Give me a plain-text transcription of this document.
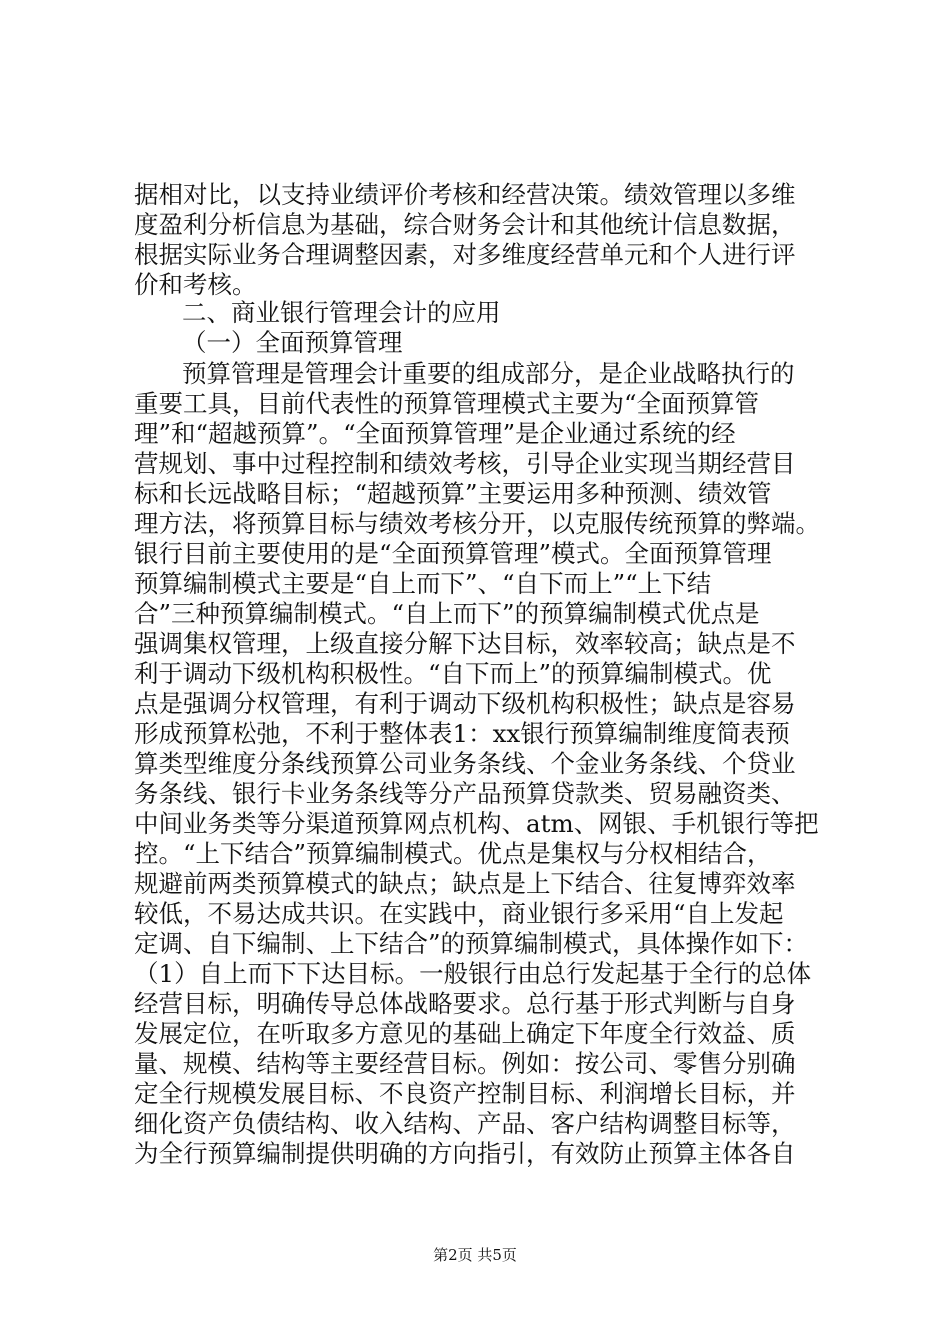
据相对比，以支持业绩评价考核和经营决策。绩效管理以多维
度盈利分析信息为基础，综合财务会计和其他统计信息数据，
根据实际业务合理调整因素，对多维度经营单元和个人进行评
价和考核。
二、商业银行管理会计的应用
（一）全面预算管理
预算管理是管理会计重要的组成部分，是企业战略执行的
重要工具，目前代表性的预算管理模式主要为“全面预算管
理”和“超越预算”。“全面预算管理”是企业通过系统的经
营规划、事中过程控制和绩效考核，引导企业实现当期经营目
标和长远战略目标；“超越预算”主要运用多种预测、绩效管
理方法，将预算目标与绩效考核分开，以克服传统预算的弊端。
银行目前主要使用的是“全面预算管理”模式。全面预算管理
预算编制模式主要是“自上而下”、“自下而上”“上下结
合”三种预算编制模式。“自上而下”的预算编制模式优点是
强调集权管理，上级直接分解下达目标，效率较高；缺点是不
利于调动下级机构积极性。“自下而上”的预算编制模式。优
点是强调分权管理，有利于调动下级机构积极性；缺点是容易
形成预算松弛，不利于整体表1：xx银行预算编制维度简表预
算类型维度分条线预算公司业务条线、个金业务条线、个贷业
务条线、银行卡业务条线等分产品预算贷款类、贸易融资类、
中间业务类等分渠道预算网点机构、atm、网银、手机银行等把
控。“上下结合”预算编制模式。优点是集权与分权相结合，
规避前两类预算模式的缺点；缺点是上下结合、往复博弈效率
较低，不易达成共识。在实践中，商业银行多采用“自上发起
定调、自下编制、上下结合”的预算编制模式，具体操作如下：
（1）自上而下下达目标。一般银行由总行发起基于全行的总体
经营目标，明确传导总体战略要求。总行基于形式判断与自身
发展定位，在听取多方意见的基础上确定下年度全行效益、质
量、规模、结构等主要经营目标。例如：按公司、零售分别确
定全行规模发展目标、不良资产控制目标、利润增长目标，并
细化资产负债结构、收入结构、产品、客户结构调整目标等，
为全行预算编制提供明确的方向指引，有效防止预算主体各自
第2页 共5页
